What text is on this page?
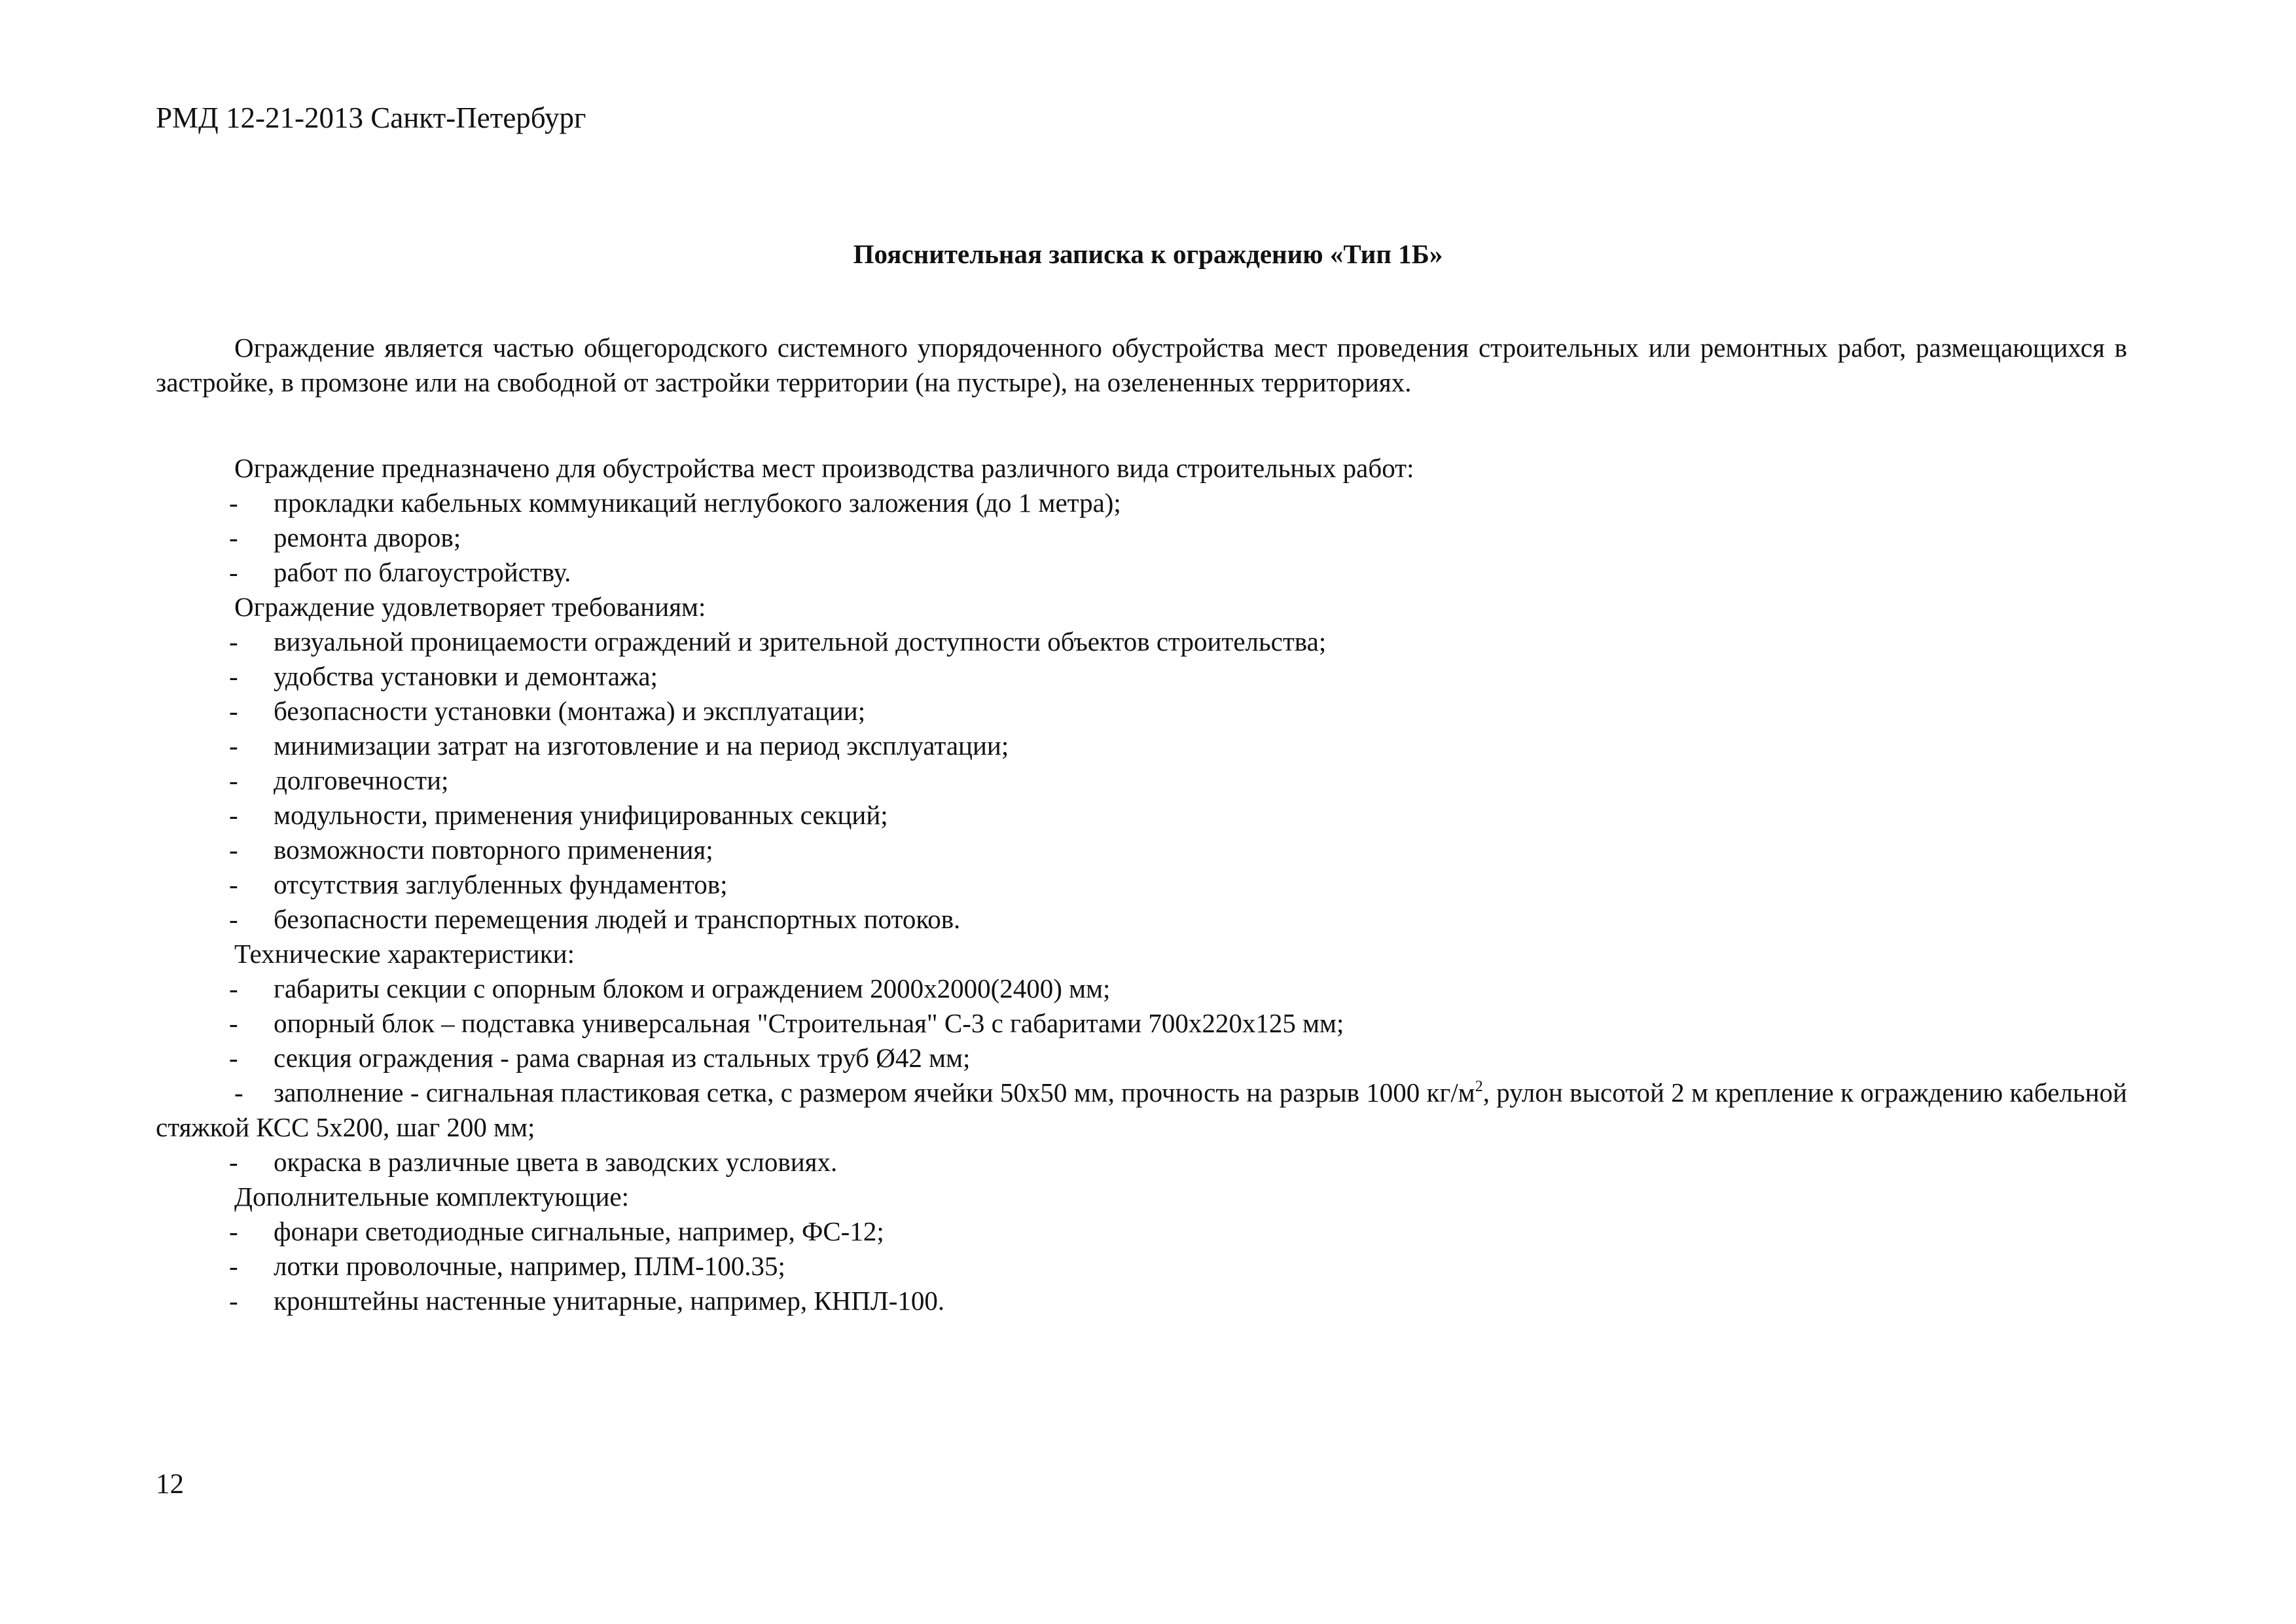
РМД 12-21-2013 Санкт-Петербург
Пояснительная записка к ограждению «Тип 1Б»

Ограждение является частью общегородского системного упорядоченного обустройства мест проведения строительных или ремонтных работ, размещающихся в застройке, в промзоне или на свободной от застройки территории (на пустыре), на озелененных территориях.

Ограждение предназначено для обустройства мест производства различного вида строительных работ:
- прокладки кабельных коммуникаций неглубокого заложения (до 1 метра);
- ремонта дворов;
- работ по благоустройству.
Ограждение удовлетворяет требованиям:
- визуальной проницаемости ограждений и зрительной доступности объектов строительства;
- удобства установки и демонтажа;
- безопасности установки (монтажа) и эксплуатации;
- минимизации затрат на изготовление и на период эксплуатации;
- долговечности;
- модульности, применения унифицированных секций;
- возможности повторного применения;
- отсутствия заглубленных фундаментов;
- безопасности перемещения людей и транспортных потоков.
Технические характеристики:
- габариты секции с опорным блоком и ограждением 2000х2000(2400) мм;
- опорный блок – подставка универсальная "Строительная" С-3 с габаритами 700х220х125 мм;
- секция ограждения - рама сварная из стальных труб Ø42 мм;

- заполнение - сигнальная пластиковая сетка, с размером ячейки 50х50 мм, прочность на разрыв 1000 $кг/м^2$, рулон высотой 2 м крепление к ограждению кабельной стяжкой КСС 5х200, шаг 200 мм;

- окраска в различные цвета в заводских условиях.
Дополнительные комплектующие:
- фонари светодиодные сигнальные, например, ФС-12;
- лотки проволочные, например, ПЛМ-100.35;
- кронштейны настенные унитарные, например, КНПЛ-100.
12
